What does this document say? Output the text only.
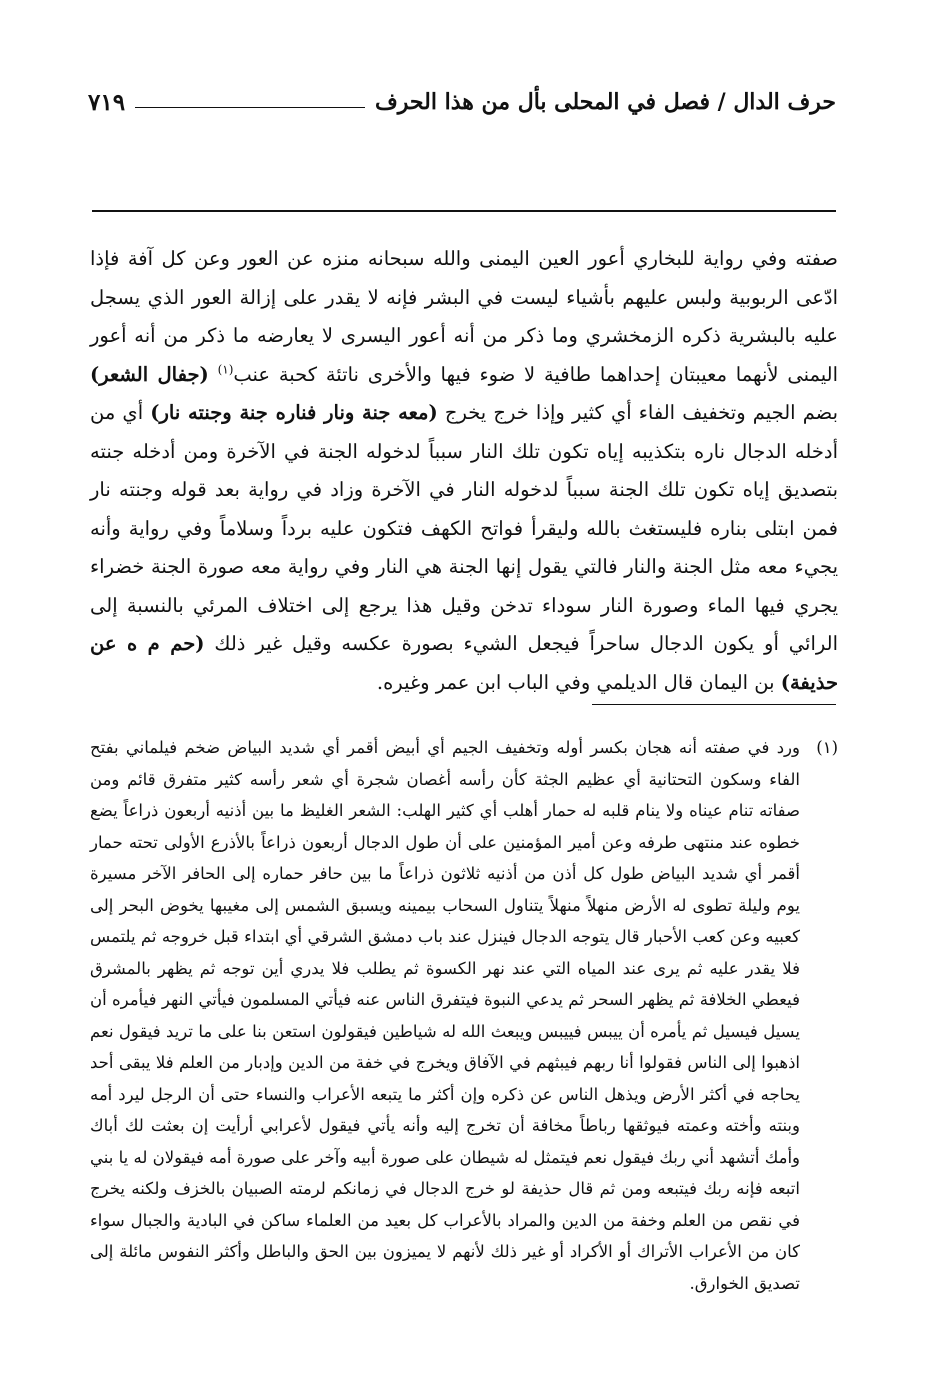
حرف الدال / فصل في المحلى بأل من هذا الحرف
٧١٩

صفته وفي رواية للبخاري أعور العين اليمنى والله سبحانه منزه عن العور وعن كل آفة فإذا ادّعى الربوبية ولبس عليهم بأشياء ليست في البشر فإنه لا يقدر على إزالة العور الذي يسجل عليه بالبشرية ذكره الزمخشري وما ذكر من أنه أعور اليسرى لا يعارضه ما ذكر من أنه أعور اليمنى لأنهما معيبتان إحداهما طافية لا ضوء فيها والأخرى ناتئة كحبة عنب$^{(١)}$ (جفال الشعر) بضم الجيم وتخفيف الفاء أي كثير وإذا خرج يخرج (معه جنة ونار فناره جنة وجنته نار) أي من أدخله الدجال ناره بتكذيبه إياه تكون تلك النار سبباً لدخوله الجنة في الآخرة ومن أدخله جنته بتصديق إياه تكون تلك الجنة سبباً لدخوله النار في الآخرة وزاد في رواية بعد قوله وجنته نار فمن ابتلى بناره فليستغث بالله وليقرأ فواتح الكهف فتكون عليه برداً وسلاماً وفي رواية وأنه يجيء معه مثل الجنة والنار فالتي يقول إنها الجنة هي النار وفي رواية معه صورة الجنة خضراء يجري فيها الماء وصورة النار سوداء تدخن وقيل هذا يرجع إلى اختلاف المرئي بالنسبة إلى الرائي أو يكون الدجال ساحراً فيجعل الشيء بصورة عكسه وقيل غير ذلك (حم م ه عن حذيفة) بن اليمان قال الديلمي وفي الباب ابن عمر وغيره.

(١)

ورد في صفته أنه هجان بكسر أوله وتخفيف الجيم أي أبيض أقمر أي شديد البياض ضخم فيلماني بفتح الفاء وسكون التحتانية أي عظيم الجثة كأن رأسه أغصان شجرة أي شعر رأسه كثير متفرق قائم ومن صفاته تنام عيناه ولا ينام قلبه له حمار أهلب أي كثير الهلب: الشعر الغليظ ما بين أذنيه أربعون ذراعاً يضع خطوه عند منتهى طرفه وعن أمير المؤمنين على أن طول الدجال أربعون ذراعاً بالأذرع الأولى تحته حمار أقمر أي شديد البياض طول كل أذن من أذنيه ثلاثون ذراعاً ما بين حافر حماره إلى الحافر الآخر مسيرة يوم وليلة تطوى له الأرض منهلاً منهلاً يتناول السحاب بيمينه ويسبق الشمس إلى مغيبها يخوض البحر إلى كعبيه وعن كعب الأحبار قال يتوجه الدجال فينزل عند باب دمشق الشرقي أي ابتداء قبل خروجه ثم يلتمس فلا يقدر عليه ثم يرى عند المياه التي عند نهر الكسوة ثم يطلب فلا يدري أين توجه ثم يظهر بالمشرق فيعطي الخلافة ثم يظهر السحر ثم يدعي النبوة فيتفرق الناس عنه فيأتي المسلمون فيأتي النهر فيأمره أن يسيل فيسيل ثم يأمره أن ييبس فييبس ويبعث الله له شياطين فيقولون استعن بنا على ما تريد فيقول نعم اذهبوا إلى الناس فقولوا أنا ربهم فيبثهم في الآفاق ويخرج في خفة من الدين وإدبار من العلم فلا يبقى أحد يحاجه في أكثر الأرض ويذهل الناس عن ذكره وإن أكثر ما يتبعه الأعراب والنساء حتى أن الرجل ليرد أمه وبنته وأخته وعمته فيوثقها رباطاً مخافة أن تخرج إليه وأنه يأتي فيقول لأعرابي أرأيت إن بعثت لك أباك وأمك أتشهد أني ربك فيقول نعم فيتمثل له شيطان على صورة أبيه وآخر على صورة أمه فيقولان له يا بني اتبعه فإنه ربك فيتبعه ومن ثم قال حذيفة لو خرج الدجال في زمانكم لرمته الصبيان بالخزف ولكنه يخرج في نقص من العلم وخفة من الدين والمراد بالأعراب كل بعيد من العلماء ساكن في البادية والجبال سواء كان من الأعراب الأتراك أو الأكراد أو غير ذلك لأنهم لا يميزون بين الحق والباطل وأكثر النفوس مائلة إلى تصديق الخوارق.
